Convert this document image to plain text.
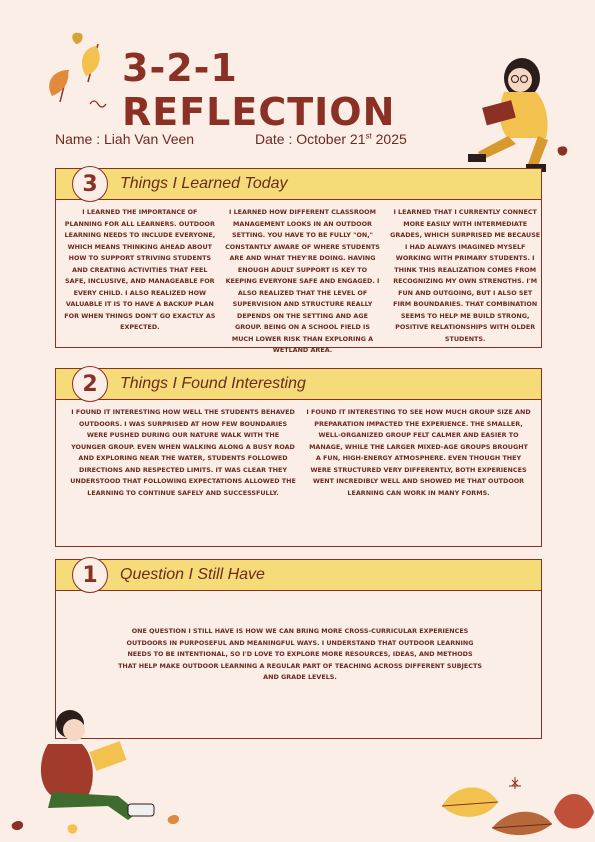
3-2-1 REFLECTION
Name : Liah Van Veen	Date : October 21st 2025
3	Things I Learned Today
I LEARNED THE IMPORTANCE OF PLANNING FOR ALL LEARNERS. OUTDOOR LEARNING NEEDS TO INCLUDE EVERYONE, WHICH MEANS THINKING AHEAD ABOUT HOW TO SUPPORT STRIVING STUDENTS AND CREATING ACTIVITIES THAT FEEL SAFE, INCLUSIVE, AND MANAGEABLE FOR EVERY CHILD. I ALSO REALIZED HOW VALUABLE IT IS TO HAVE A BACKUP PLAN FOR WHEN THINGS DON'T GO EXACTLY AS EXPECTED.
I LEARNED HOW DIFFERENT CLASSROOM MANAGEMENT LOOKS IN AN OUTDOOR SETTING. YOU HAVE TO BE FULLY "ON," CONSTANTLY AWARE OF WHERE STUDENTS ARE AND WHAT THEY'RE DOING. HAVING ENOUGH ADULT SUPPORT IS KEY TO KEEPING EVERYONE SAFE AND ENGAGED. I ALSO REALIZED THAT THE LEVEL OF SUPERVISION AND STRUCTURE REALLY DEPENDS ON THE SETTING AND AGE GROUP. BEING ON A SCHOOL FIELD IS MUCH LOWER RISK THAN EXPLORING A WETLAND AREA.
I LEARNED THAT I CURRENTLY CONNECT MORE EASILY WITH INTERMEDIATE GRADES, WHICH SURPRISED ME BECAUSE I HAD ALWAYS IMAGINED MYSELF WORKING WITH PRIMARY STUDENTS. I THINK THIS REALIZATION COMES FROM RECOGNIZING MY OWN STRENGTHS. I'M FUN AND OUTGOING, BUT I ALSO SET FIRM BOUNDARIES. THAT COMBINATION SEEMS TO HELP ME BUILD STRONG, POSITIVE RELATIONSHIPS WITH OLDER STUDENTS.
2	Things I Found Interesting
I FOUND IT INTERESTING HOW WELL THE STUDENTS BEHAVED OUTDOORS. I WAS SURPRISED AT HOW FEW BOUNDARIES WERE PUSHED DURING OUR NATURE WALK WITH THE YOUNGER GROUP. EVEN WHEN WALKING ALONG A BUSY ROAD AND EXPLORING NEAR THE WATER, STUDENTS FOLLOWED DIRECTIONS AND RESPECTED LIMITS. IT WAS CLEAR THEY UNDERSTOOD THAT FOLLOWING EXPECTATIONS ALLOWED THE LEARNING TO CONTINUE SAFELY AND SUCCESSFULLY.
I FOUND IT INTERESTING TO SEE HOW MUCH GROUP SIZE AND PREPARATION IMPACTED THE EXPERIENCE. THE SMALLER, WELL-ORGANIZED GROUP FELT CALMER AND EASIER TO MANAGE, WHILE THE LARGER MIXED-AGE GROUPS BROUGHT A FUN, HIGH-ENERGY ATMOSPHERE. EVEN THOUGH THEY WERE STRUCTURED VERY DIFFERENTLY, BOTH EXPERIENCES WENT INCREDIBLY WELL AND SHOWED ME THAT OUTDOOR LEARNING CAN WORK IN MANY FORMS.
1	Question I Still Have
ONE QUESTION I STILL HAVE IS HOW WE CAN BRING MORE CROSS-CURRICULAR EXPERIENCES OUTDOORS IN PURPOSEFUL AND MEANINGFUL WAYS. I UNDERSTAND THAT OUTDOOR LEARNING NEEDS TO BE INTENTIONAL, SO I'D LOVE TO EXPLORE MORE RESOURCES, IDEAS, AND METHODS THAT HELP MAKE OUTDOOR LEARNING A REGULAR PART OF TEACHING ACROSS DIFFERENT SUBJECTS AND GRADE LEVELS.
